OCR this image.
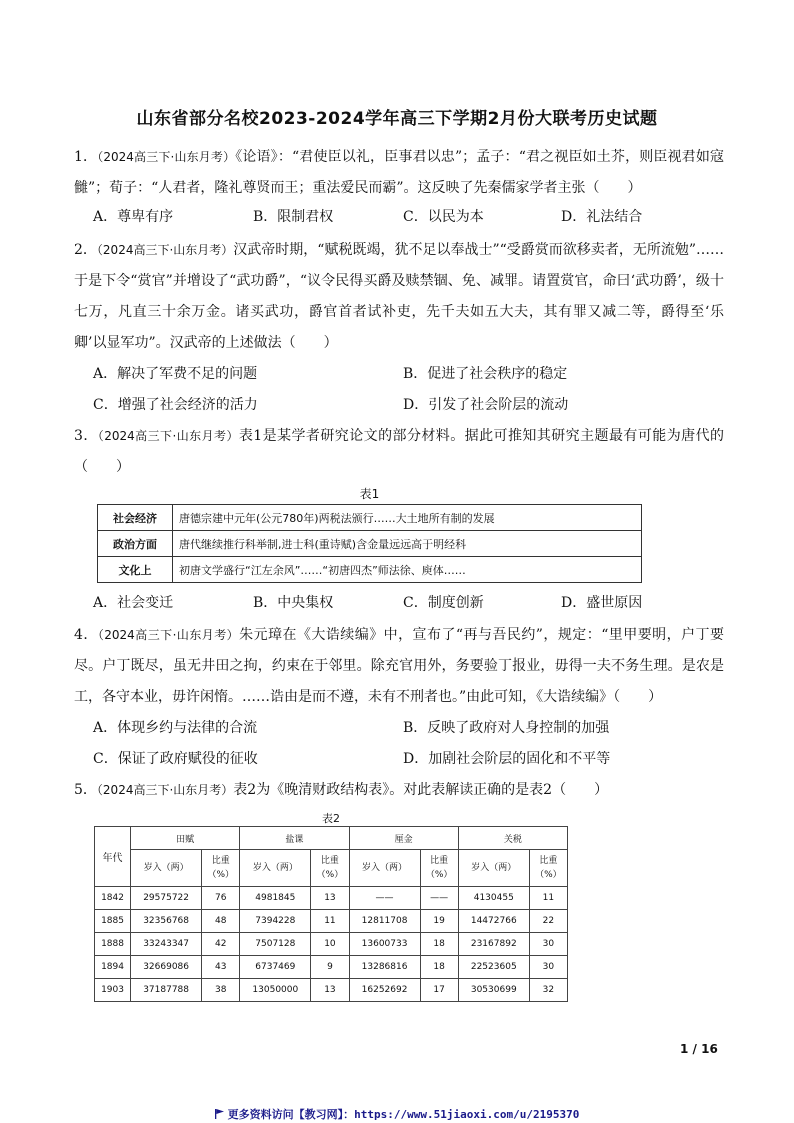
山东省部分名校2023-2024学年高三下学期2月份大联考历史试题
1．（2024高三下·山东月考）《论语》：“君使臣以礼，臣事君以忠”；孟子：“君之视臣如土芥，则臣视君如寇雠”；荀子：“人君者，隆礼尊贤而王；重法爱民而霸”。这反映了先秦儒家学者主张（　　）
A．尊卑有序	B．限制君权	C．以民为本	D．礼法结合
2．（2024高三下·山东月考）汉武帝时期，“赋税既竭，犹不足以奉战士”“受爵赏而欲移卖者，无所流勉”……于是下令“赏官”并增设了“武功爵”，“议令民得买爵及赎禁锢、免、减罪。请置赏官，命曰‘武功爵’，级十七万，凡直三十余万金。诸买武功，爵官首者试补吏，先千夫如五大夫，其有罪又减二等，爵得至‘乐卿’以显军功”。汉武帝的上述做法（　　）
A．解决了军费不足的问题	B．促进了社会秩序的稳定
C．增强了社会经济的活力	D．引发了社会阶层的流动
3．（2024高三下·山东月考）表1是某学者研究论文的部分材料。据此可推知其研究主题最有可能为唐代的（　　）
表1
社会经济	唐德宗建中元年(公元780年)两税法颁行……大土地所有制的发展
政治方面	唐代继续推行科举制,进士科(重诗赋)含金量远远高于明经科
文化上	初唐文学盛行“江左余风”……“初唐四杰”师法徐、庾体……
A．社会变迁	B．中央集权	C．制度创新	D．盛世原因
4．（2024高三下·山东月考）朱元璋在《大诰续编》中，宣布了“再与吾民约”，规定：“里甲要明，户丁要尽。户丁既尽，虽无井田之拘，约束在于邻里。除充官用外，务要验丁报业，毋得一夫不务生理。是农是工，各守本业，毋许闲惰。……诰由是而不遵，未有不刑者也。”由此可知，《大诰续编》（　　）
A．体现乡约与法律的合流	B．反映了政府对人身控制的加强
C．保证了政府赋役的征收	D．加剧社会阶层的固化和不平等
5．（2024高三下·山东月考）表2为《晚清财政结构表》。对此表解读正确的是表2（　　）
表2
年代	田赋		盐课		厘金		关税	
	岁入（两）	比重（%）	岁入（两）	比重（%）	岁入（两）	比重（%）	岁入（两）	比重（%）
1842	29575722	76	4981845	13	——	——	4130455	11
1885	32356768	48	7394228	11	12811708	19	14472766	22
1888	33243347	42	7507128	10	13600733	18	23167892	30
1894	32669086	43	6737469	9	13286816	18	22523605	30
1903	37187788	38	13050000	13	16252692	17	30530699	32
1 / 16
更多资料访问【教习网】：https://www.51jiaoxi.com/u/2195370
